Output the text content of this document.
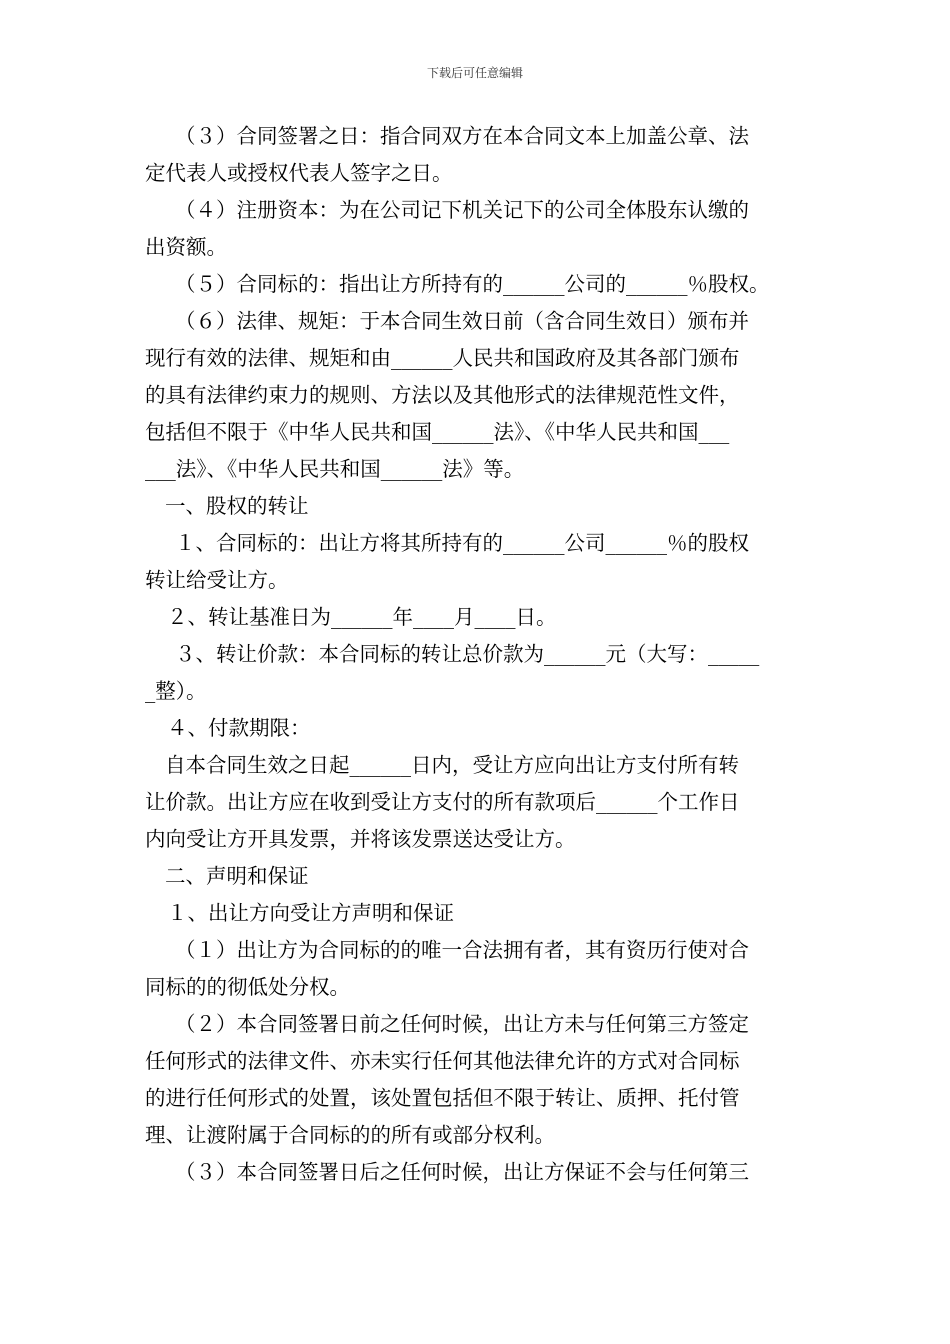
下载后可任意编辑

（３）合同签署之日：指合同双方在本合同文本上加盖公章、法

定代表人或授权代表人签字之日。

（４）注册资本：为在公司记下机关记下的公司全体股东认缴的

出资额。

（５）合同标的：指出让方所持有的______公司的______％股权。

（６）法律、规矩：于本合同生效日前（含合同生效日）颁布并

现行有效的法律、规矩和由______人民共和国政府及其各部门颁布

的具有法律约束力的规则、方法以及其他形式的法律规范性文件，

包括但不限于《中华人民共和国______法》、《中华人民共和国___

___法》、《中华人民共和国______法》等。

一、股权的转让

１、合同标的：出让方将其所持有的______公司______％的股权

转让给受让方。

２、转让基准日为______年____月____日。

３、转让价款：本合同标的转让总价款为______元（大写：_____

_整）。

４、付款期限：

自本合同生效之日起______日内，受让方应向出让方支付所有转

让价款。出让方应在收到受让方支付的所有款项后______个工作日

内向受让方开具发票，并将该发票送达受让方。

二、声明和保证

１、出让方向受让方声明和保证

（１）出让方为合同标的的唯一合法拥有者，其有资历行使对合

同标的的彻低处分权。

（２）本合同签署日前之任何时候，出让方未与任何第三方签定

任何形式的法律文件、亦未实行任何其他法律允许的方式对合同标

的进行任何形式的处置，该处置包括但不限于转让、质押、托付管

理、让渡附属于合同标的的所有或部分权利。

（３）本合同签署日后之任何时候，出让方保证不会与任何第三
